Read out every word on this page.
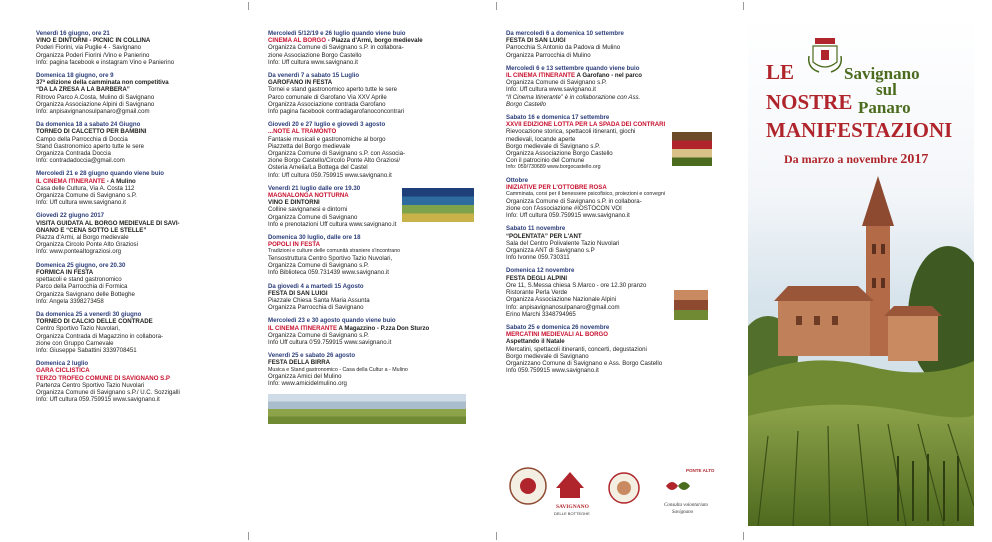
Venerdì 16 giugno, ore 21
VINO E DINTORNI - PICNIC IN COLLINA
Poderi Fiorini, via Puglie 4 - Savignano
Organizza Poderi Fiorini /Vino e Panierino
Info: pagina facebook e instagram Vino e Panierino
Domenica 18 giugno, ore 9
37ª edizione della camminata non competitiva
“DA LA ZRESA A LA BARBERA”
Ritrovo Parco A.Costa, Mulino di Savignano
Organizza Associazione Alpini di Savignano
Info: anpisavignanosulpanaro@gmail.com
Da domenica 18 a sabato 24 Giugno
TORNEO DI CALCETTO PER BAMBINI
Campo della Parrocchia di Doccia
Stand Gastronomico aperto tutte le sere
Organizza Contrada Doccia
Info: contradadoccia@gmail.com
Mercoledì 21 e 28 giugno quando viene buio
IL CINEMA ITINERANTE - A Mulino
Casa delle Cultura, Via A. Costa 112
Organizza Comune di Savignano s.P.
Info: Uff cultura www.savignano.it
Giovedì 22 giugno 2017
VISITA GUIDATA AL BORGO MEDIEVALE DI SAVI-
GNANO E “CENA SOTTO LE STELLE”
Piazza d'Armi, al Borgo medievale
Organizza Circolo Ponte Alto Graziosi
Info: www.ponteaItograziosi.org
Domenica 25 giugno, ore 20.30
FORMICA IN FESTA
spettacoli e stand gastronomico
Parco della Parrocchia di Formica
Organizza Savignano delle Botteghe
Info: Angela 3398273458
Da domenica 25 a venerdì 30 giugno
TORNEO DI CALCIO DELLE CONTRADE
Centro Sportivo Tazio Nuvolari,
Organizza Contrada di Magazzino in collabora-
zione con Gruppo Carnevale
Info: Giuseppe Sabattini 3339708451
Domenica 2 luglio
GARA CICLISTICA
TERZO TROFEO COMUNE DI SAVIGNANO S.P
Partenza Centro Sportivo Tazio Nuvolari
Organizza Comune di Savignano s.P./ U.C. Sozzigalli
Info: Uff cultura 059.759915 www.savignano.it
Mercoledì 5/12/19 e 26 luglio quando viene buio
CINEMA AL BORGO - Piazza d'Armi, borgo medievale
Organizza Comune di Savignano s.P. in collabora-
zione Associazione Borgo Castello
Info: Uff cultura www.savignano.it
Da venerdì 7 a sabato 15 Luglio
GAROFANO IN FESTA
Tornei e stand gastronomico aperto tutte le sere
Parco comunale di Garofano Via XXV Aprile
Organizza Associazione contrada Garofano
Info pagina facebook contradagarofanoconcontrari
Giovedì 20 e 27 luglio e giovedì 3 agosto
...NOTE AL TRAMONTO
Fantasie musicali e gastronomiche al borgo
Piazzetta del Borgo medievale
Organizza Comune di Savignano s.P. con Associa-
zione Borgo Castello/Circolo Ponte Alto Graziosi/
Osteria Amelia/La Bottega del Castel
Info: Uff cultura 059.759915 www.savignano.it
Venerdì 21 luglio dalle ore 19.30
MAGNALONGA NOTTURNA
VINO E DINTORNI
Colline savignanesi e dintorni
Organizza Comune di Savignano
Info e prenotazioni Uff cultura www.savignano.it
Domenica 30 luglio, dalle ore 18
POPOLI IN FESTA
Tradizioni e culture delle comunità straniere s'incontrano
Tensostruttura Centro Sportivo Tazio Nuvolari,
Organizza Comune di Savignano s.P.
Info Biblioteca 059.731439 www.savignano.it
Da giovedì 4 a martedì 15 Agosto
FESTA DI SAN LUIGI
Piazzale Chiesa Santa Maria Assunta
Organizza Parrocchia di Savignano
Mercoledì 23 e 30 agosto quando viene buio
IL CINEMA ITINERANTE A Magazzino - P.zza Don Sturzo
Organizza Comune di Savignano s.P.
Info Uff cultura 0'59.759915 www.savignano.it
Venerdì 25 e sabato 26 agosto
FESTA DELLA BIRRA
Musica e Stand gastronomico - Casa della Cultur a - Mulino
Organizza Amici del Mulino
Info: www.amicidelmulino.org
Da mercoledì 6 a domenica 10 settembre
FESTA DI SAN LUIGI
Parrocchia S.Antonio da Padova di Mulino
Organizza Parrocchia di Mulino
Mercoledì 6 e 13 settembre quando viene buio
IL CINEMA ITINERANTE A Garofano - nel parco
Organizza Comune di Savignano s.P.
Info: Uff cultura www.savignano.it
“Il Cinema Itinerante” è in collaborazione con Ass.
Borgo Castello
Sabato 16 e domenica 17 settembre
XXVII EDIZIONE LOTTA PER LA SPADA DEI CONTRARI
Rievocazione storica, spettacoli itineranti, giochi
medievali, locande aperte
Borgo medievale di Savignano s.P.
Organizza Associazione Borgo Castello
Con il patrocinio del Comune
Info: 059/730689 www.borgocastello.org
Ottobre
INIZIATIVE PER L'OTTOBRE ROSA
Camminata, corsi per il benessere psicofisico, proiezioni e convegni
Organizza Comune di Savignano s.P. in collabora-
zione con l'Associazione #IOSTOCON VOI
Info: Uff cultura 059.759915 www.savignano.it
Sabato 11 novembre
“POLENTATA” PER L'ANT
Sala del Centro Polivalente Tazio Nuvolari
Organizza ANT di Savignano s.P
Info Ivonne 059.730311
Domenica 12 novembre
FESTA DEGLI ALPINI
Ore 11, S.Messa chiesa S.Marco - ore 12.30 pranzo
Ristorante Perla Verde
Organizza Associazione Nazionale Alpini
Info: anpisavignanosulpanaro@gmail.com
Erino Marchi 3348794965
Sabato 25 e domenica 26 novembre
MERCATINI MEDIEVALI AL BORGO
Aspettando il Natale
Mercatini, spettacoli itineranti, concerti, degustazioni
Borgo medievale di Savignano
Organizzano Comune di Savignano e Ass. Borgo Castello
Info 059.759915 www.savignano.it
LE	Savignano
sul
NOSTRE Panaro
MANIFESTAZIONI
Da marzo a novembre 2017
SAVIGNANO
DELLE BOTTEGHE
PONTE ALTO
Consulta volontariato
Savignano
